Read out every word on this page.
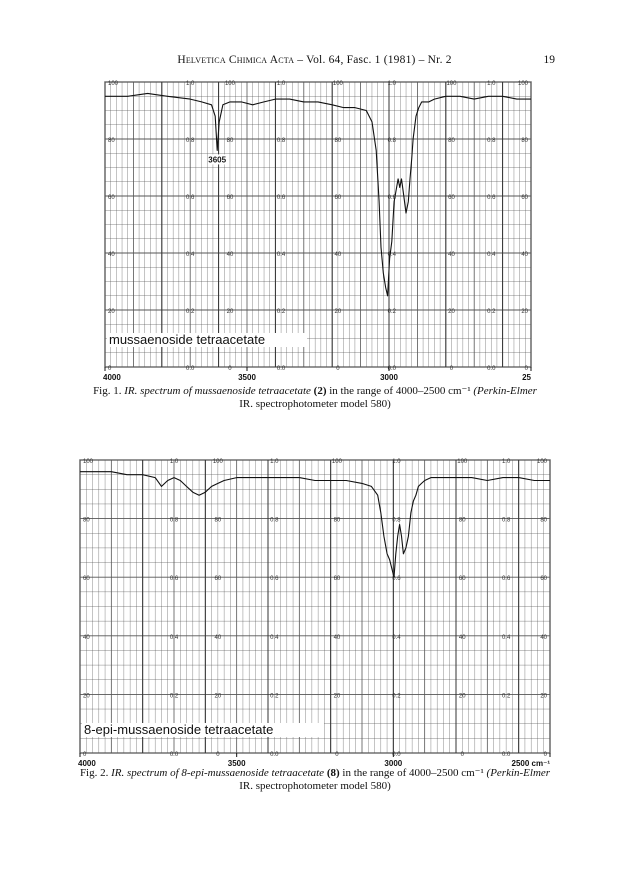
Helvetica Chimica Acta – Vol. 64, Fasc. 1 (1981) – Nr. 2	19
100	1.0	100	1.0	100	1.0	100	1.0	100
80	0.8	80	0.8	80	0.8	80	0.8	80
60	0.6	60	0.6	60	0.6	60	0.6	60
40	0.4	40	0.4	40	0.4	40	0.4	40
20	0.2	20	0.2	20	0.2	20	0.2	20
0	0.0	0	0.0	0	0.0	0	0.0	0
4000	3500	3000	25
3605
mussaenoside tetraacetate
Fig. 1. IR. spectrum of mussaenoside tetraacetate (2) in the range of 4000–2500 cm⁻¹ (Perkin-Elmer
IR. spectrophotometer model 580)
100	1.0	100	1.0	100	1.0	100	1.0	100
80	0.8	80	0.8	80	0.8	80	0.8	80
60	0.6	60	0.6	60	0.6	60	0.6	60
40	0.4	40	0.4	40	0.4	40	0.4	40
20	0.2	20	0.2	20	0.2	20	0.2	20
0	0.0	0	0.0	0	0.0	0	0.0	0
4000	3500	3000	2500 cm⁻¹
8-epi-mussaenoside tetraacetate
Fig. 2. IR. spectrum of 8-epi-mussaenoside tetraacetate (8) in the range of 4000–2500 cm⁻¹ (Perkin-Elmer
IR. spectrophotometer model 580)
